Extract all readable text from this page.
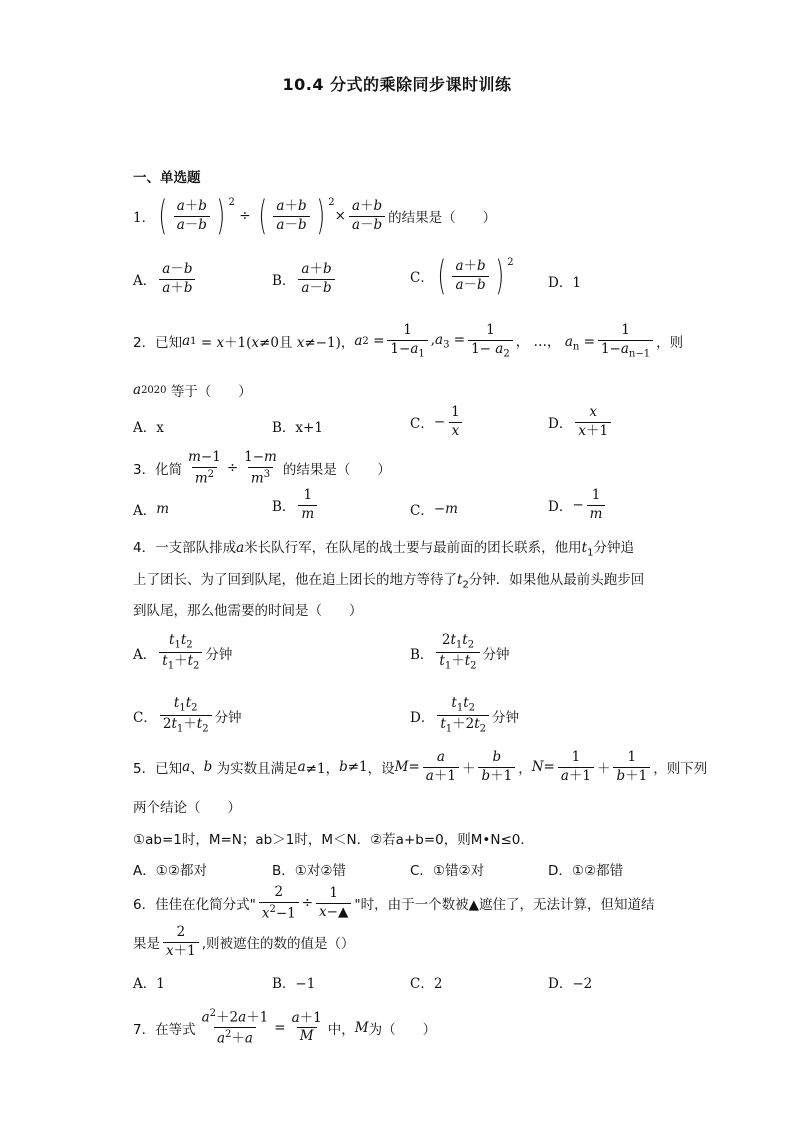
10.4 分式的乘除同步课时训练
一、单选题
1． ( $\frac{a+b}{a-b}$ ) 2
÷ ( $\frac{a+b}{a-b}$ ) 2
× $\frac{a+b}{a-b}$ 的结果是（　　）
A． $\frac{a-b}{a+b}$	B． $\frac{a+b}{a-b}$	C． ( $\frac{a+b}{a-b}$ ) 2
D．1
2．已知 a 1 = x＋1(x≠0 且 x≠−1)， a $2 = \frac{1}{1-a_1} ,a_3 = \frac{1}{1- a_2}$ ， …， $a_n = \frac{1}{1-a_{n-1}}$ ，则
a 2020
等于（　　）
A．x	B．x+1	C． − $\frac{1}{x}$	D． $\frac{x}{x+1}$
3．化简 $\frac{m-1}{m^2} \div \frac{1-m}{m^3}$ 的结果是（　　）
A． m	B． $\frac{1}{m}$	C． −m	D． − $\frac{1}{m}$
4．一支部队排成a米长队行军，在队尾的战士要与最前面的团长联系，他用$t_1$分钟追
上了团长、为了回到队尾，他在追上团长的地方等待了$t_2$分钟．如果他从最前头跑步回
到队尾，那么他需要的时间是（　　）
A． $\frac{t_1t_2}{t_1+t_2}$ 分钟	B． $\frac{2t_1t_2}{t_1+t_2}$ 分钟
C． $\frac{t_1t_2}{2t_1+t_2}$ 分钟	D． $\frac{t_1t_2}{t_1+2t_2}$ 分钟
5．已知 a 、 b
为实数且满足 a ≠1， b ≠1 ，设 $M = \frac{a}{a+1} + \frac{b}{b+1}$ ， $N = \frac{1}{a+1} + \frac{1}{b+1}$ ，则下列
两个结论（　　）
①ab=1时，M=N；ab＞1时，M＜N．②若a+b=0，则M•N≤0．
A．①②都对	B．①对②错	C．①错②对	D．①②都错
6．佳佳在化简分式" $\frac{2}{x^2-1} \div \frac{1}{x-▲}$ "时，由于一个数被▲遮住了，无法计算，但知道结
果是 $\frac{2}{x+1}$ ,则被遮住的数的值是（）
A．1	B．−1	C．2	D．−2
7．在等式 $\frac{a^2+2a+1}{a^2+a} = \frac{a+1}{M}$ 中， M 为（　　）
